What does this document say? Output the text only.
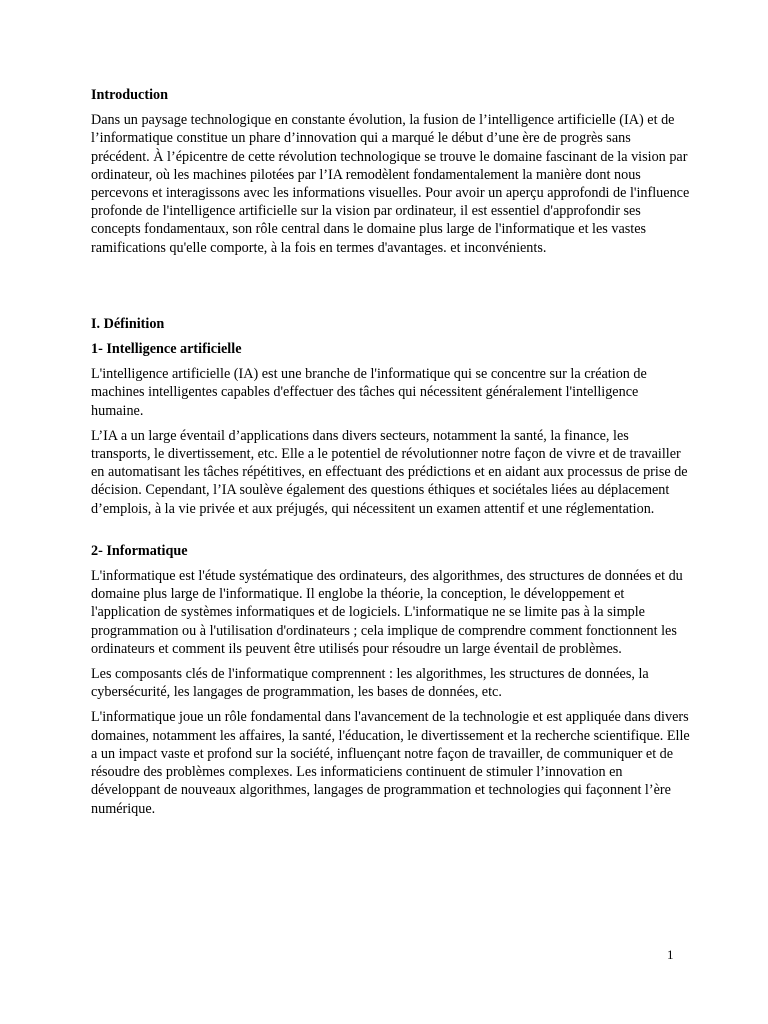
Introduction

Dans un paysage technologique en constante évolution, la fusion de l’intelligence artificielle (IA) et de l’informatique constitue un phare d’innovation qui a marqué le début d’une ère de progrès sans précédent. À l’épicentre de cette révolution technologique se trouve le domaine fascinant de la vision par ordinateur, où les machines pilotées par l’IA remodèlent fondamentalement la manière dont nous percevons et interagissons avec les informations visuelles. Pour avoir un aperçu approfondi de l'influence profonde de l'intelligence artificielle sur la vision par ordinateur, il est essentiel d'approfondir ses concepts fondamentaux, son rôle central dans le domaine plus large de l'informatique et les vastes ramifications qu'elle comporte, à la fois en termes d'avantages. et inconvénients.

I. Définition
1- Intelligence artificielle

L'intelligence artificielle (IA) est une branche de l'informatique qui se concentre sur la création de machines intelligentes capables d'effectuer des tâches qui nécessitent généralement l'intelligence humaine.

L’IA a un large éventail d’applications dans divers secteurs, notamment la santé, la finance, les transports, le divertissement, etc. Elle a le potentiel de révolutionner notre façon de vivre et de travailler en automatisant les tâches répétitives, en effectuant des prédictions et en aidant aux processus de prise de décision. Cependant, l’IA soulève également des questions éthiques et sociétales liées au déplacement d’emplois, à la vie privée et aux préjugés, qui nécessitent un examen attentif et une réglementation.

2- Informatique

L'informatique est l'étude systématique des ordinateurs, des algorithmes, des structures de données et du domaine plus large de l'informatique. Il englobe la théorie, la conception, le développement et l'application de systèmes informatiques et de logiciels. L'informatique ne se limite pas à la simple programmation ou à l'utilisation d'ordinateurs ; cela implique de comprendre comment fonctionnent les ordinateurs et comment ils peuvent être utilisés pour résoudre un large éventail de problèmes.

Les composants clés de l'informatique comprennent : les algorithmes, les structures de données, la cybersécurité, les langages de programmation, les bases de données, etc.

L'informatique joue un rôle fondamental dans l'avancement de la technologie et est appliquée dans divers domaines, notamment les affaires, la santé, l'éducation, le divertissement et la recherche scientifique. Elle a un impact vaste et profond sur la société, influençant notre façon de travailler, de communiquer et de résoudre des problèmes complexes. Les informaticiens continuent de stimuler l’innovation en développant de nouveaux algorithmes, langages de programmation et technologies qui façonnent l’ère numérique.

1
